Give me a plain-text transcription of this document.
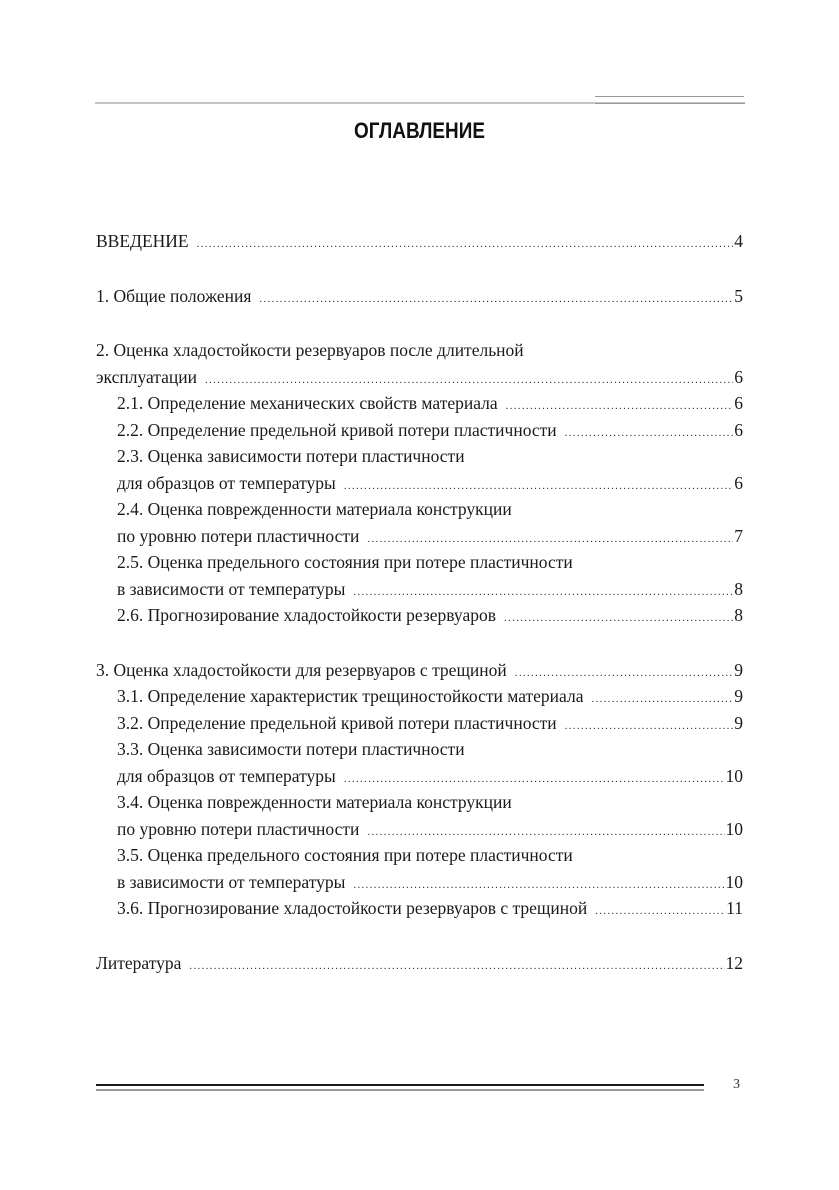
ОГЛАВЛЕНИЕ
ВВЕДЕНИЕ .....	4
1. Общие положения .....	5
2. Оценка хладостойкости резервуаров после длительной
эксплуатации .....	6
2.1. Определение механических свойств материала .....	6
2.2. Определение предельной кривой потери пластичности .....	6
2.3. Оценка зависимости потери пластичности
для образцов от температуры .....	6
2.4. Оценка поврежденности материала конструкции
по уровню потери пластичности .....	7
2.5. Оценка предельного состояния при потере пластичности
в зависимости от температуры .....	8
2.6. Прогнозирование хладостойкости резервуаров .....	8
3. Оценка хладостойкости для резервуаров с трещиной .....	9
3.1. Определение характеристик трещиностойкости материала .....	9
3.2. Определение предельной кривой потери пластичности .....	9
3.3. Оценка зависимости потери пластичности
для образцов от температуры .....	10
3.4. Оценка поврежденности материала конструкции
по уровню потери пластичности .....	10
3.5. Оценка предельного состояния при потере пластичности
в зависимости от температуры .....	10
3.6. Прогнозирование хладостойкости резервуаров с трещиной .....	11
Литература .....	12
3
